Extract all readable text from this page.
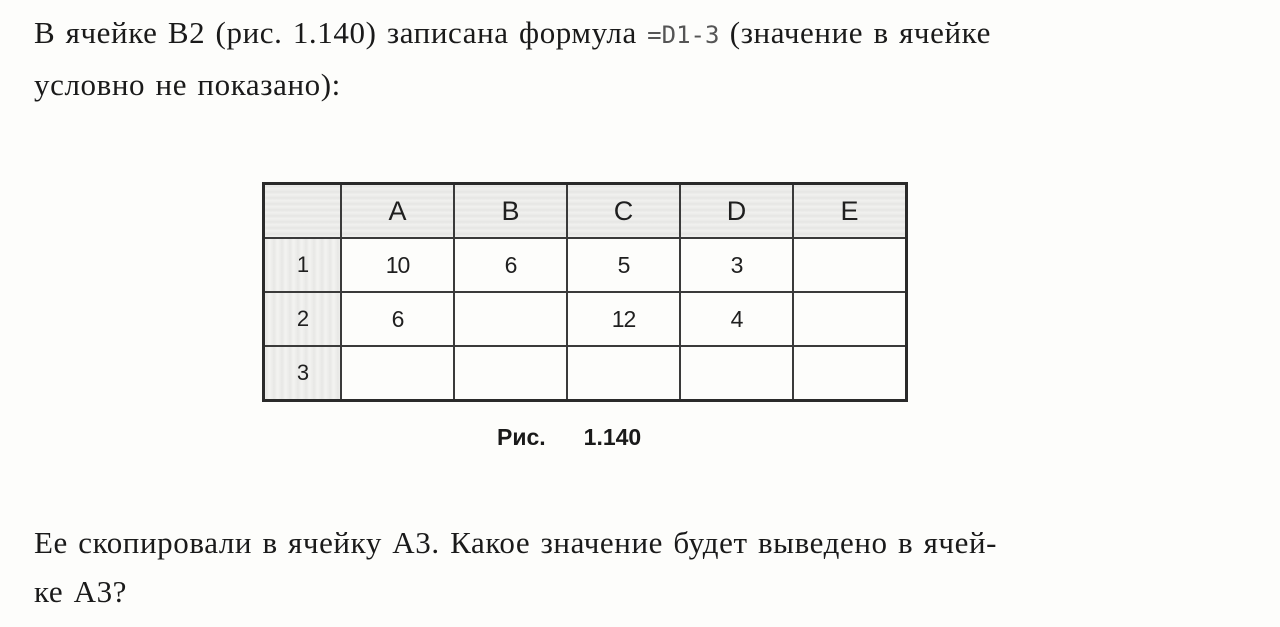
В ячейке В2 (рис. 1.140) записана формула =D1-3 (значение в ячейке
условно не показано):
	A	B	C	D	E
1	10	6	5	3	
2	6		12	4	
3					
Рис. 1.140
Ее скопировали в ячейку А3. Какое значение будет выведено в ячей-
ке А3?
